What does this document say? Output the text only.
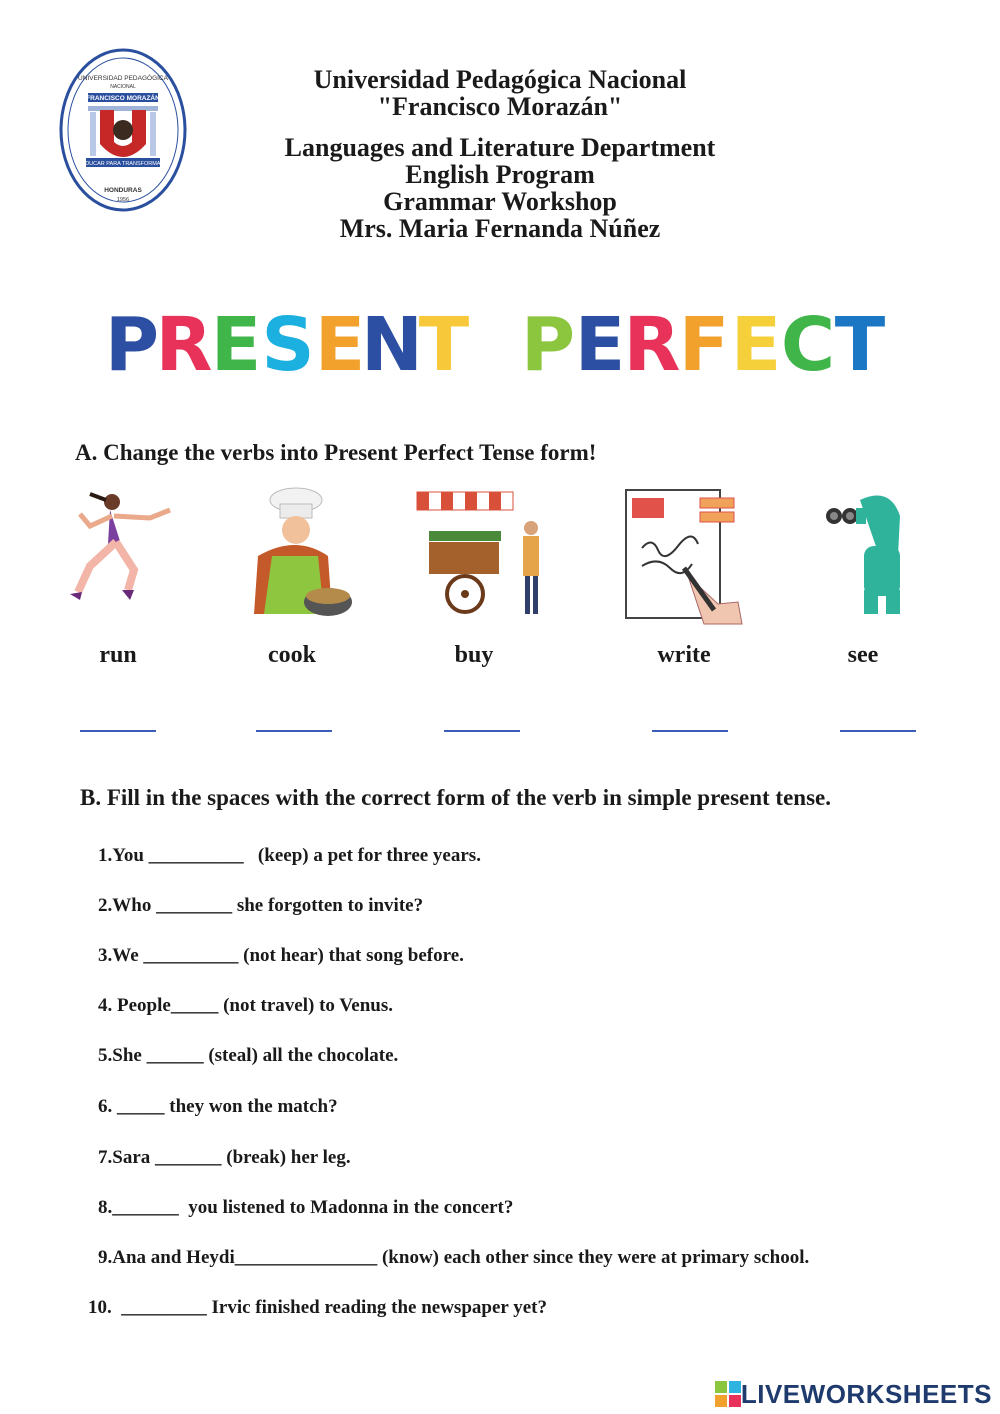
UNIVERSIDAD PEDAGÓGICA
NACIONAL
FRANCISCO MORAZÁN
EDUCAR PARA TRANSFORMAR
HONDURAS
1956
Universidad Pedagógica Nacional
"Francisco Morazán"
Languages and Literature Department
English Program
Grammar Workshop
Mrs. Maria Fernanda Núñez
P
R
E S E
N
T P E
R
F E C T
A. Change the verbs into Present Perfect Tense form!
run	cook	buy	write	see
B. Fill in the spaces with the correct form of the verb in simple present tense.
1.You __________   (keep) a pet for three years.
2.Who ________ she forgotten to invite?
3.We __________ (not hear) that song before.
4. People_____ (not travel) to Venus.
5.She ______ (steal) all the chocolate.
6. _____ they won the match?
7.Sara _______ (break) her leg.
8._______  you listened to Madonna in the concert?
9.Ana and Heydi_______________ (know) each other since they were at primary school.
10.  _________ Irvic finished reading the newspaper yet?
LIVEWORKSHEETS
